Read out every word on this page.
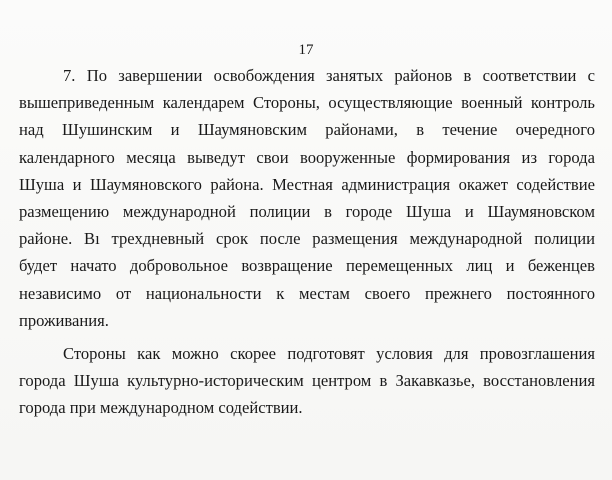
17
7. По завершении освобождения занятых районов в соответствии с
вышеприведенным календарем Стороны, осуществляющие военный контроль
над Шушинским и Шаумяновским районами, в течение очередного
календарного месяца выведут свои вооруженные формирования из города
Шуша и Шаумяновского района. Местная администрация окажет содействие
размещению международной полиции в городе Шуша и Шаумяновском
районе. Вı трехдневный срок после размещения международной полиции
будет начато добровольное возвращение перемещенных лиц и беженцев
независимо от национальности к местам своего прежнего постоянного
проживания.
Стороны как можно скорее подготовят условия для провозглашения
города Шуша культурно-историческим центром в Закавказье, восстановления
города при международном содействии.
